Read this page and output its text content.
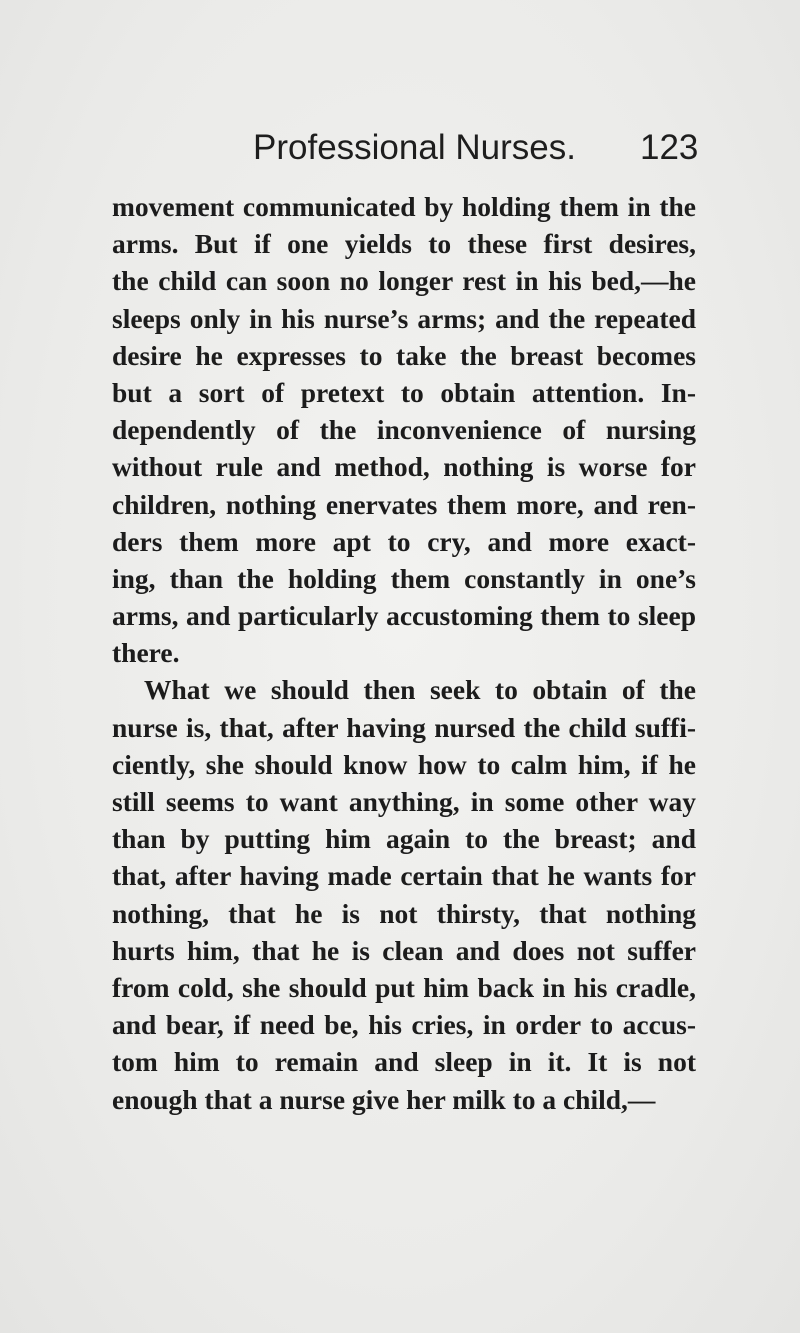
Professional Nurses. 123
movement communicated by holding them in the
arms. But if one yields to these first desires,
the child can soon no longer rest in his bed,—he
sleeps only in his nurse’s arms; and the repeated
desire he expresses to take the breast becomes
but a sort of pretext to obtain attention. In-
dependently of the inconvenience of nursing
without rule and method, nothing is worse for
children, nothing enervates them more, and ren-
ders them more apt to cry, and more exact-
ing, than the holding them constantly in one’s
arms, and particularly accustoming them to sleep
there.
What we should then seek to obtain of the
nurse is, that, after having nursed the child suffi-
ciently, she should know how to calm him, if he
still seems to want anything, in some other way
than by putting him again to the breast; and
that, after having made certain that he wants for
nothing, that he is not thirsty, that nothing
hurts him, that he is clean and does not suffer
from cold, she should put him back in his cradle,
and bear, if need be, his cries, in order to accus-
tom him to remain and sleep in it. It is not
enough that a nurse give her milk to a child,—
